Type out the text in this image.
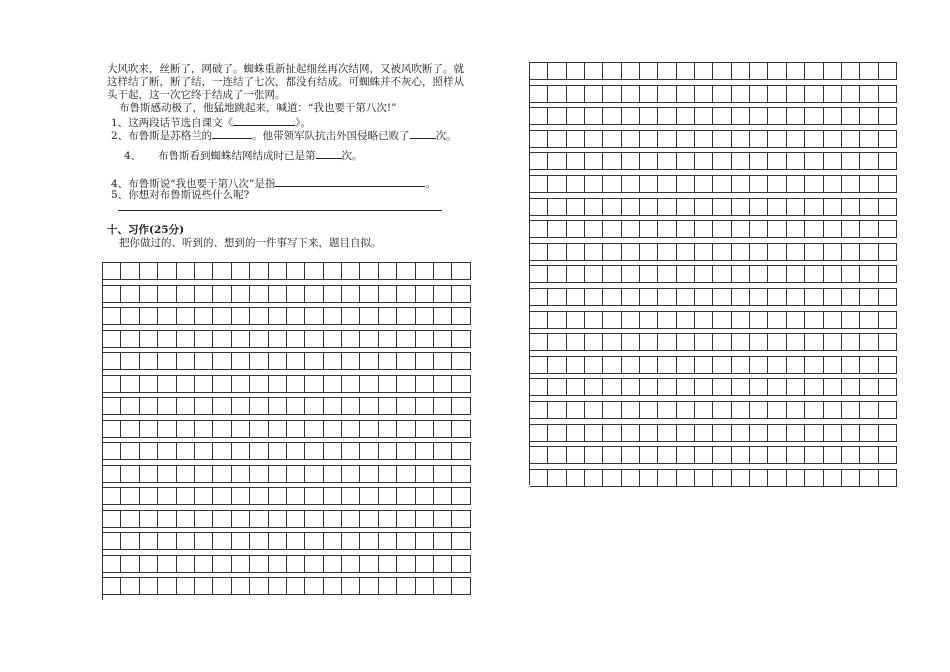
大风吹来，丝断了，网破了。蜘蛛重新扯起细丝再次结网，又被风吹断了。就
这样结了断，断了结，一连结了七次，都没有结成。可蜘蛛并不灰心，照样从
头干起，这一次它终于结成了一张网。
布鲁斯感动极了，他猛地跳起来，喊道：“我也要干第八次!”
1、这两段话节选自课文《	》。
2、布鲁斯是苏格兰的	。他带领军队抗击外国侵略已败了 次。
4、 布鲁斯看到蜘蛛结网结成时已是第 次。
4、布鲁斯说“我也要干第八次”是指	。
5、你想对布鲁斯说些什么呢?
十、习作(25分)
把你做过的、听到的、想到的一件事写下来，题目自拟。
